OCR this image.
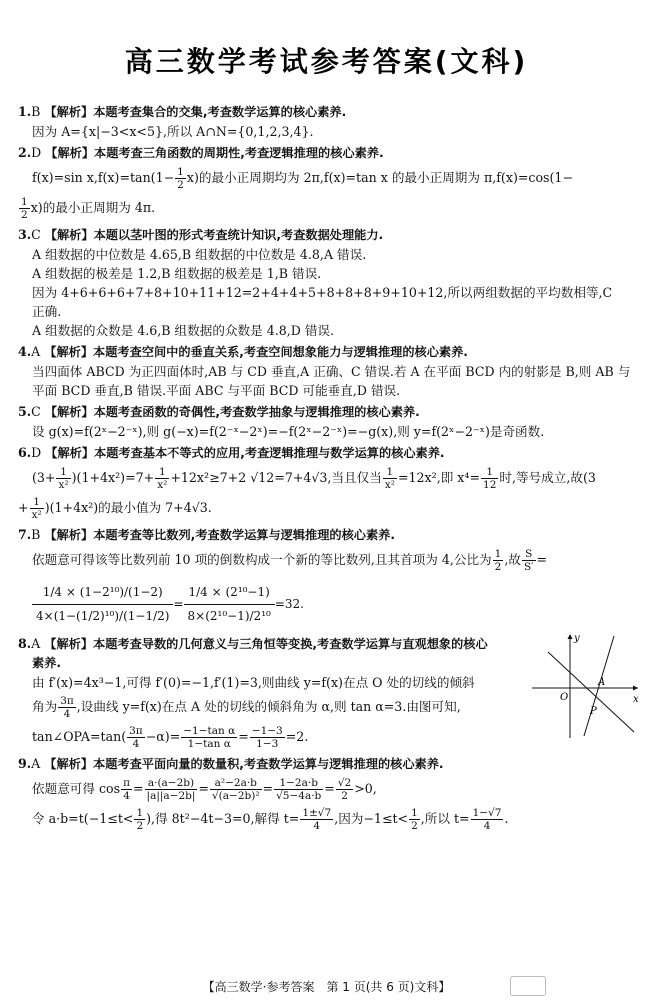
高三数学考试参考答案(文科)
1.B 【解析】本题考查集合的交集,考查数学运算的核心素养.
因为 A={x|−3<x<5},所以 A∩N={0,1,2,3,4}.
2.D 【解析】本题考查三角函数的周期性,考查逻辑推理的核心素养.
f(x)=sin $x,f(x)=\tan(1- \frac{1}{2} x)$的最小正周期均为 2π,f(x)=tan x 的最小正周期为 π,f(x)=cos(1−
$\frac{1}{2} x$)的最小正周期为 4π.
3.C 【解析】本题以茎叶图的形式考查统计知识,考查数据处理能力.
A 组数据的中位数是 4.65,B 组数据的中位数是 4.8,A 错误.
A 组数据的极差是 1.2,B 组数据的极差是 1,B 错误.
因为 4+6+6+6+7+8+10+11+12=2+4+4+5+8+8+8+9+10+12,所以两组数据的平均数相等,C
正确.
A 组数据的众数是 4.6,B 组数据的众数是 4.8,D 错误.
4.A 【解析】本题考查空间中的垂直关系,考查空间想象能力与逻辑推理的核心素养.
当四面体 ABCD 为正四面体时,AB 与 CD 垂直,A 正确、C 错误.若 A 在平面 BCD 内的射影是 B,则 AB 与
平面 BCD 垂直,B 错误.平面 ABC 与平面 BCD 可能垂直,D 错误.
5.C 【解析】本题考查函数的奇偶性,考查数学抽象与逻辑推理的核心素养.
设 g(x)=f(2ˣ−2⁻ˣ),则 g(−x)=f(2⁻ˣ−2ˣ)=−f(2ˣ−2⁻ˣ)=−g(x),则 y=f(2ˣ−2⁻ˣ)是奇函数.
6.D 【解析】本题考查基本不等式的应用,考查逻辑推理与数学运算的核心素养.
$(3+ \frac{1}{\text{x²}} )(1+4x^2)=7+ \frac{1}{\text{x²}} +12x^2\ge 7+2$ √12=7+4√3,当且仅当 $\frac{1}{\text{x²}} =12x^2$,即 $x^4= \frac{1}{12}$ 时,等号成立,故(3
+ $\frac{1}{\text{x²}} )(1+4x^2)$的最小值为 7+4√3.
7.B 【解析】本题考查等比数列,考查数学运算与逻辑推理的核心素养.
依题意可得该等比数列前 10 项的倒数构成一个新的等比数列,且其首项为 4,公比为 $\frac{1}{2}$ ,故 $\frac{S}{S'}$ =
$\frac{\text{1/4 × (1−2¹⁰)/(1−2)}}{\text{4×(1−(1/2)¹⁰)/(1−1/2)}} = \frac{\text{1/4 × (2¹⁰−1)}}{\text{8×(2¹⁰−1)/2¹⁰}} =32$.
8.A 【解析】本题考查导数的几何意义与三角恒等变换,考查数学运算与直观想象的核心
素养.
由 f′(x)=4x³−1,可得 f′(0)=−1,f′(1)=3,则曲线 y=f(x)在点 O 处的切线的倾斜
角为 $\frac{3\pi}{4}$ ,设曲线 y=f(x)在点 A 处的切线的倾斜角为 α,则 tan α=3.由图可知,
tan∠OPA=tan( $\frac{3\pi}{4} -\alpha)= \frac{\text{−1−tan α}}{\text{1−tan α}} = \frac{-1-3}{1-3} =2$.
y
x
O
A
P
9.A 【解析】本题考查平面向量的数量积,考查数学运算与逻辑推理的核心素养.
依题意可得 $\cos \frac{\pi}{4} = \frac{a\cdot(a-2b)}{|a||a-2b|} = \frac{\text{a²−2a·b}}{\text{√(a−2b)²}} = \frac{1-2a\cdot b}{√5-4a\cdot b} = \frac{√2}{2} >0$,
令 $a\cdot b=t(-1\le t< \frac{1}{2}$ ),得 8t²−4t−3=0,解得 $t= \frac{1\pm√7}{4}$ ,因为$-1\le t< \frac{1}{2}$ ,所以 $t= \frac{1-√7}{4}$ .
【高三数学·参考答案　第 1 页(共 6 页)文科】
